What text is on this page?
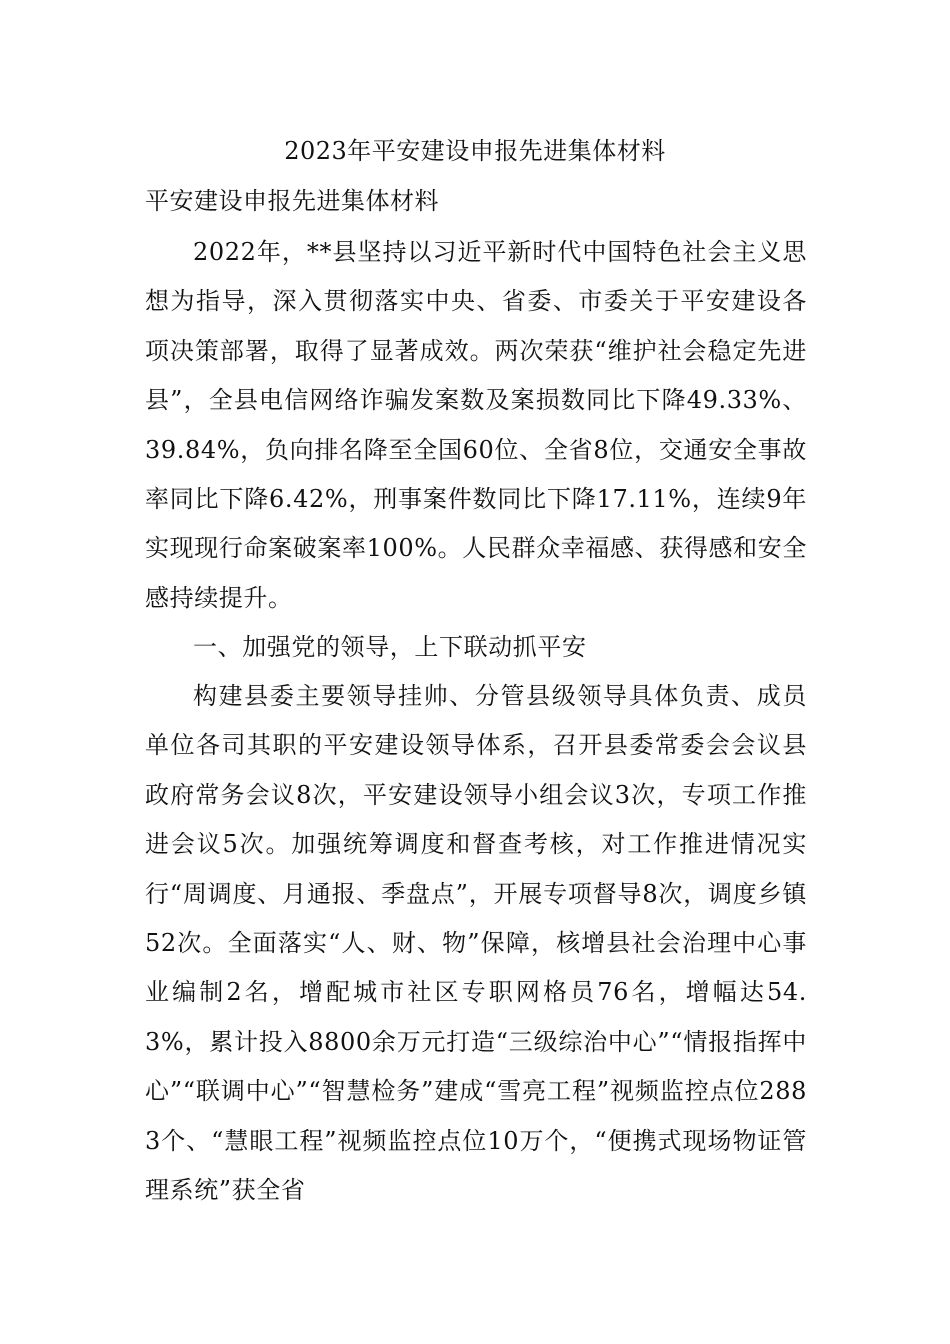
2023年平安建设申报先进集体材料

平安建设申报先进集体材料

2022年，**县坚持以习近平新时代中国特色社会主义思想为指导，深入贯彻落实中央、省委、市委关于平安建设各项决策部署，取得了显著成效。两次荣获“维护社会稳定先进县”，全县电信网络诈骗发案数及案损数同比下降49.33%、39.84%，负向排名降至全国60位、全省8位，交通安全事故率同比下降6.42%，刑事案件数同比下降17.11%，连续9年实现现行命案破案率100%。人民群众幸福感、获得感和安全感持续提升。

一、加强党的领导，上下联动抓平安

构建县委主要领导挂帅、分管县级领导具体负责、成员单位各司其职的平安建设领导体系，召开县委常委会会议县政府常务会议8次，平安建设领导小组会议3次，专项工作推进会议5次。加强统筹调度和督查考核，对工作推进情况实行“周调度、月通报、季盘点”，开展专项督导8次，调度乡镇52次。全面落实“人、财、物”保障，核增县社会治理中心事业编制2名，增配城市社区专职网格员76名，增幅达54.3%，累计投入8800余万元打造“三级综治中心”“情报指挥中心”“联调中心”“智慧检务”建成“雪亮工程”视频监控点位2883个、“慧眼工程”视频监控点位10万个，“便携式现场物证管理系统”获全省
